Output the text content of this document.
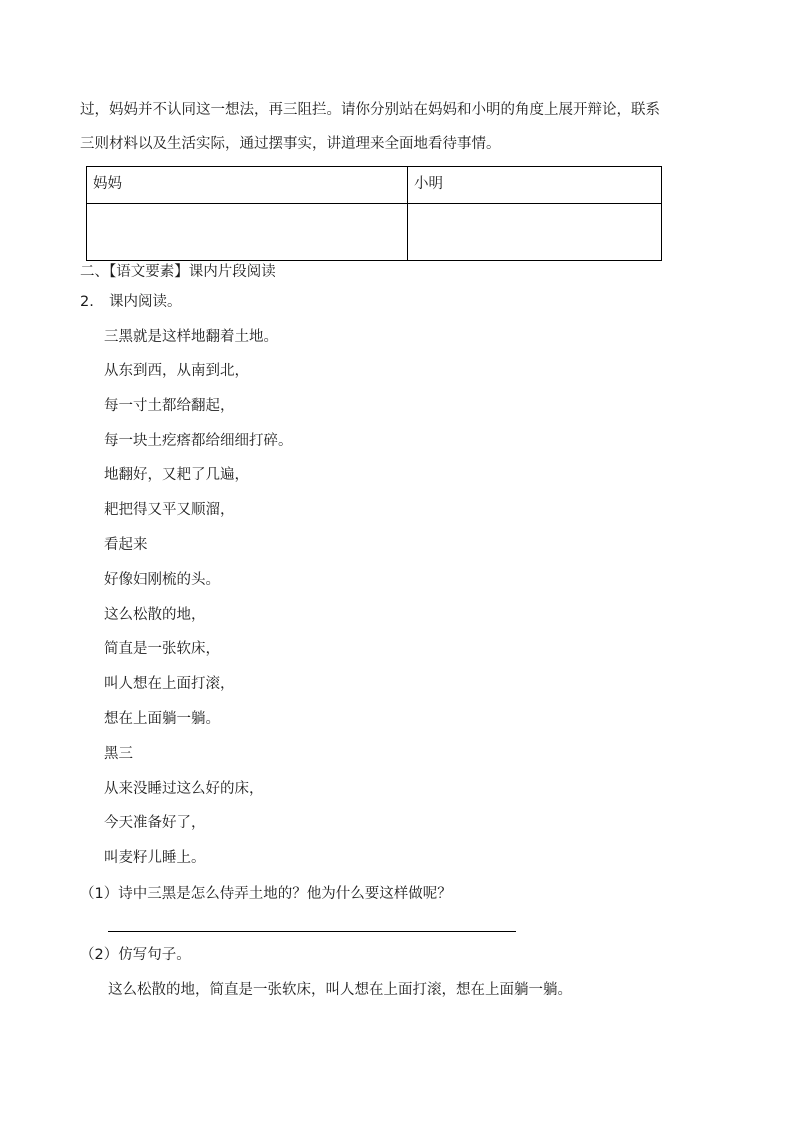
过，妈妈并不认同这一想法，再三阻拦。请你分别站在妈妈和小明的角度上展开辩论，联系
三则材料以及生活实际，通过摆事实，讲道理来全面地看待事情。
妈妈	小明

二、【语文要素】课内片段阅读
2. 课内阅读。
三黑就是这样地翻着土地。
从东到西，从南到北，
每一寸土都给翻起，
每一块土疙瘩都给细细打碎。
地翻好，又耙了几遍，
耙把得又平又顺溜，
看起来
好像妇刚梳的头。
这么松散的地，
简直是一张软床，
叫人想在上面打滚，
想在上面躺一躺。
黑三
从来没睡过这么好的床，
今天准备好了，
叫麦籽儿睡上。
（1）诗中三黑是怎么侍弄土地的？他为什么要这样做呢？
（2）仿写句子。
这么松散的地，简直是一张软床，叫人想在上面打滚，想在上面躺一躺。
